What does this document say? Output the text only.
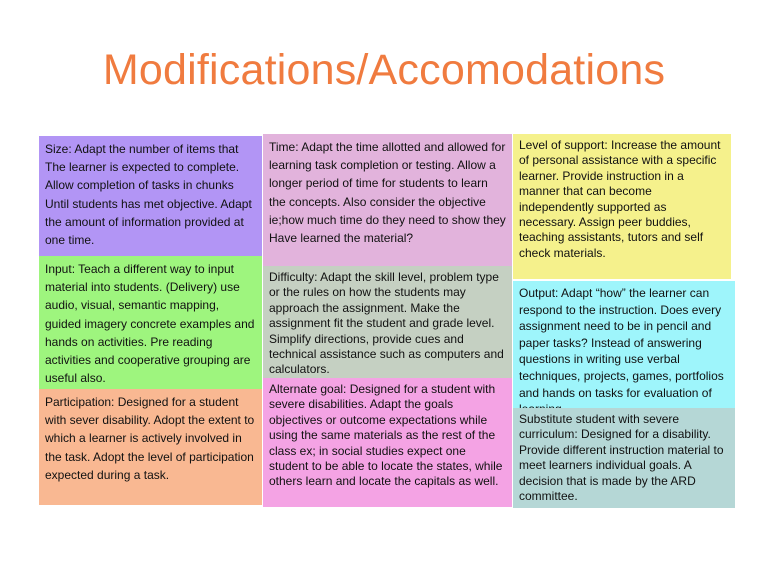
Modifications/Accomodations
Size: Adapt the number of items that The learner is expected to complete. Allow completion of tasks in chunks Until students has met objective. Adapt the amount of information provided at one time.
Input: Teach a different way to input material into students. (Delivery) use audio, visual, semantic mapping, guided imagery concrete examples and hands on activities. Pre reading activities and cooperative grouping are useful also.
Participation: Designed for a student with sever disability. Adopt the extent to which a learner is actively involved in the task. Adopt the level of participation expected during a task.
Time: Adapt the time allotted and allowed for learning task completion or testing. Allow a longer period of time for students to learn the concepts. Also consider the objective ie;how much time do they need to show they Have learned the material?
Difficulty: Adapt the skill level, problem type or the rules on how the students may approach the assignment. Make the assignment fit the student and grade level. Simplify directions, provide cues and technical assistance such as computers and calculators.
Alternate goal: Designed for a student with severe disabilities. Adapt the goals objectives or outcome expectations while using the same materials as the rest of the class ex; in social studies expect one student to be able to locate the states, while others learn and locate the capitals as well.
Level of support: Increase the amount of personal assistance with a specific learner. Provide instruction in a manner that can become independently supported as necessary. Assign peer buddies, teaching assistants, tutors and self check materials.
Output: Adapt “how” the learner can respond to the instruction. Does every assignment need to be in pencil and paper tasks? Instead of answering questions in writing use verbal techniques, projects, games, portfolios and hands on tasks for evaluation of
Substitute student with severe curriculum: Designed for a disability. Provide different instruction material to meet learners individual goals. A decision that is made by the ARD committee.
